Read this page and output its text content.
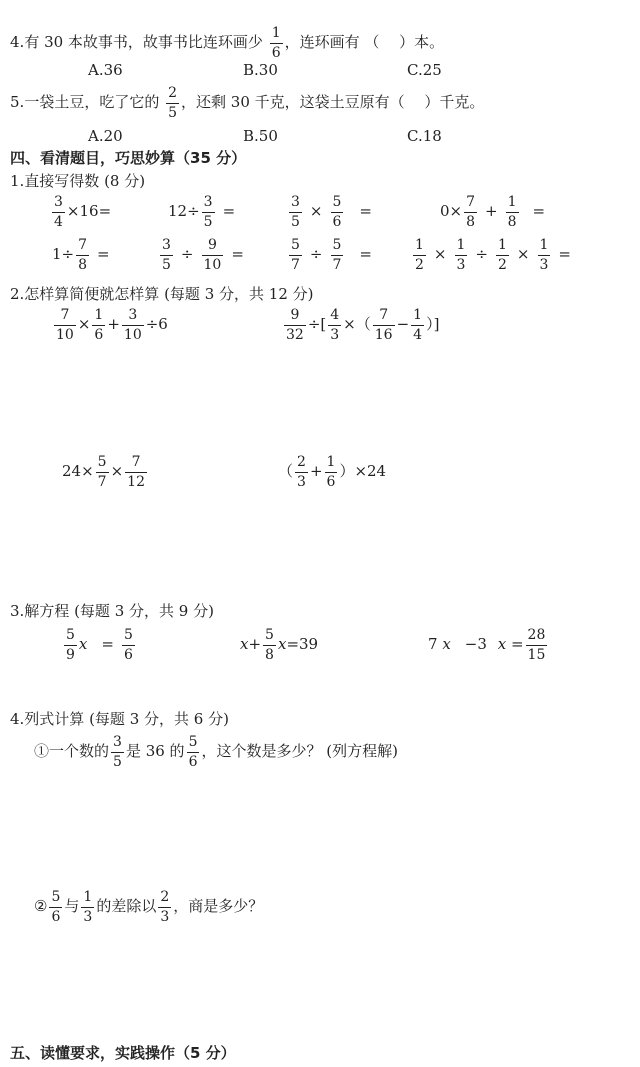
4.有 30 本故事书，故事书比连环画少 $\frac{1}{6}$ ，连环画有 （　 ）本。
A.36	B.30	C.25
5.一袋土豆，吃了它的 $\frac{2}{5}$ ，还剩 30 千克，这袋土豆原有（　 ）千克。
A.20	B.50	C.18
四、看清题目，巧思妙算（35 分）
1.直接写得数 (8 分)
$\frac{3}{4} \times 16=$	$12\div \frac{3}{5}$ =	$\frac{3}{5} \times \frac{5}{6}$ =	$0\times \frac{7}{8} + \frac{1}{8}$ =
$1\div \frac{7}{8}$ =	$\frac{3}{5} \div \frac{9}{10}$ =	$\frac{5}{7} \div \frac{5}{7}$ =	$\frac{1}{2} \times \frac{1}{3} \div \frac{1}{2} \times \frac{1}{3}$ =
2.怎样算简便就怎样算 (每题 3 分，共 12 分)
$\frac{7}{10} \times \frac{1}{6} + \frac{3}{10} \div 6$	$\frac{9}{32}$ ÷[ $\frac{4}{3}$ ×（ $\frac{7}{16} - \frac{1}{4}$ ）]
$24\times \frac{5}{7} \times \frac{7}{12}$	（ $\frac{2}{3} + \frac{1}{6} )\times 24$
3.解方程 (每题 3 分，共 9 分)
$\frac{5}{9}$ $x = \frac{5}{6}$	$x+ \frac{5}{8} x=39$	7 x −3 $x = \frac{28}{15}$
4.列式计算 (每题 3 分，共 6 分)
①一个数的 $\frac{3}{5}$ 是 36 的 $\frac{5}{6}$ ，这个数是多少？ (列方程解)
② $\frac{5}{6}$ 与 $\frac{1}{3}$ 的差除以 $\frac{2}{3}$ ，商是多少？
五、读懂要求，实践操作（5 分）
